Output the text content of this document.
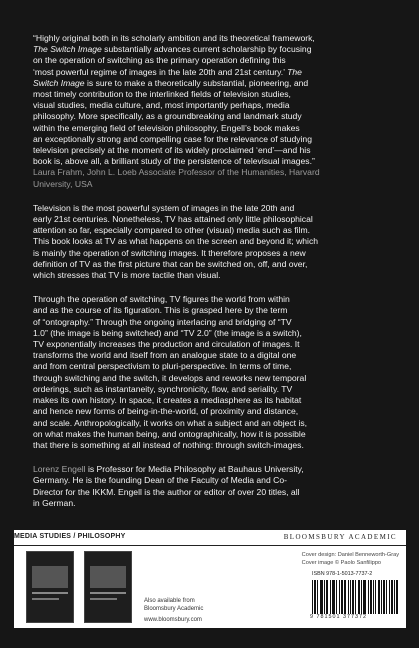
“Highly original both in its scholarly ambition and its theoretical framework,
The Switch Image substantially advances current scholarship by focusing
on the operation of switching as the primary operation defining this
‘most powerful regime of images in the late 20th and 21st century.’ The
Switch Image is sure to make a theoretically substantial, pioneering, and
most timely contribution to the interlinked fields of television studies,
visual studies, media culture, and, most importantly perhaps, media
philosophy. More specifically, as a groundbreaking and landmark study
within the emerging field of television philosophy, Engell’s book makes
an exceptionally strong and compelling case for the relevance of studying
television precisely at the moment of its widely proclaimed ‘end’—and his
book is, above all, a brilliant study of the persistence of televisual images.”

Laura Frahm, John L. Loeb Associate Professor of the Humanities, Harvard
University, USA

Television is the most powerful system of images in the late 20th and
early 21st centuries. Nonetheless, TV has attained only little philosophical
attention so far, especially compared to other (visual) media such as film.
This book looks at TV as what happens on the screen and beyond it; which
is mainly the operation of switching images. It therefore proposes a new
definition of TV as the first picture that can be switched on, off, and over,
which stresses that TV is more tactile than visual.

Through the operation of switching, TV figures the world from within
and as the course of its figuration. This is grasped here by the term
of “ontography.” Through the ongoing interlacing and bridging of “TV
1.0” (the image is being switched) and “TV 2.0” (the image is a switch),
TV exponentially increases the production and circulation of images. It
transforms the world and itself from an analogue state to a digital one
and from central perspectivism to pluri-perspective. In terms of time,
through switching and the switch, it develops and reworks new temporal
orderings, such as instantaneity, synchronicity, flow, and seriality. TV
makes its own history. In space, it creates a mediasphere as its habitat
and hence new forms of being-in-the-world, of proximity and distance,
and scale. Anthropologically, it works on what a subject and an object is,
on what makes the human being, and ontographically, how it is possible
that there is something at all instead of nothing: through switch-images.

Lorenz Engell is Professor for Media Philosophy at Bauhaus University,
Germany. He is the founding Dean of the Faculty of Media and Co-
Director for the IKKM. Engell is the author or editor of over 20 titles, all
in German.

MEDIA STUDIES / PHILOSOPHY	BLOOMSBURY ACADEMIC
Also available from
Bloomsbury Academic
www.bloomsbury.com
Cover design: Daniel Benneworth-Gray
Cover image © Paolo Sanfilippo
ISBN 978-1-5013-7737-2
9 781501 377372
